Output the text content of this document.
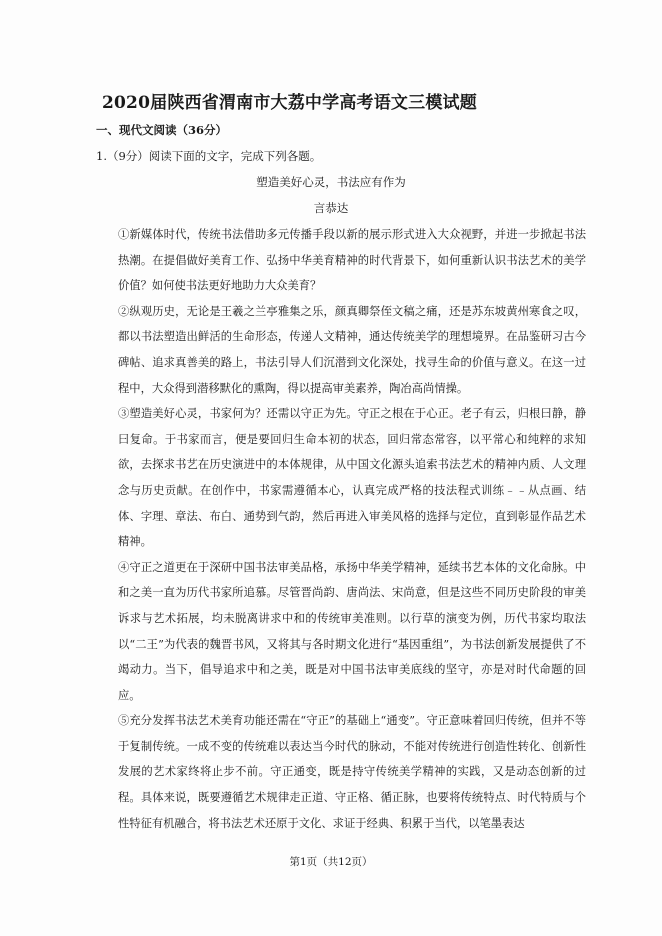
2020届陕西省渭南市大荔中学高考语文三模试题
一、现代文阅读（36分）
1.（9分）阅读下面的文字，完成下列各题。
塑造美好心灵，书法应有作为
言恭达

①新媒体时代，传统书法借助多元传播手段以新的展示形式进入大众视野，并进一步掀起书法热潮。在提倡做好美育工作、弘扬中华美育精神的时代背景下，如何重新认识书法艺术的美学价值？如何使书法更好地助力大众美育？

②纵观历史，无论是王羲之兰亭雅集之乐，颜真卿祭侄文稿之痛，还是苏东坡黄州寒食之叹，都以书法塑造出鲜活的生命形态，传递人文精神，通达传统美学的理想境界。在品鉴研习古今碑帖、追求真善美的路上，书法引导人们沉潜到文化深处，找寻生命的价值与意义。在这一过程中，大众得到潜移默化的熏陶，得以提高审美素养，陶冶高尚情操。

③塑造美好心灵，书家何为？还需以守正为先。守正之根在于心正。老子有云，归根曰静，静曰复命。于书家而言，便是要回归生命本初的状态，回归常态常容，以平常心和纯粹的求知欲，去探求书艺在历史演进中的本体规律，从中国文化源头追索书法艺术的精神内质、人文理念与历史贡献。在创作中，书家需遵循本心，认真完成严格的技法程式训练﹣﹣从点画、结体、字理、章法、布白、通势到气韵，然后再进入审美风格的选择与定位，直到彰显作品艺术精神。

④守正之道更在于深研中国书法审美品格，承扬中华美学精神，延续书艺本体的文化命脉。中和之美一直为历代书家所追慕。尽管晋尚韵、唐尚法、宋尚意，但是这些不同历史阶段的审美诉求与艺术拓展，均未脱离讲求中和的传统审美准则。以行草的演变为例，历代书家均取法以“二王”为代表的魏晋书风，又将其与各时期文化进行“基因重组”，为书法创新发展提供了不竭动力。当下，倡导追求中和之美，既是对中国书法审美底线的坚守，亦是对时代命题的回应。

⑤充分发挥书法艺术美育功能还需在“守正”的基础上“通变”。守正意味着回归传统，但并不等于复制传统。一成不变的传统难以表达当今时代的脉动，不能对传统进行创造性转化、创新性发展的艺术家终将止步不前。守正通变，既是持守传统美学精神的实践，又是动态创新的过程。具体来说，既要遵循艺术规律走正道、守正格、循正脉，也要将传统特点、时代特质与个性特征有机融合，将书法艺术还原于文化、求证于经典、积累于当代，以笔墨表达

第1页（共12页）
